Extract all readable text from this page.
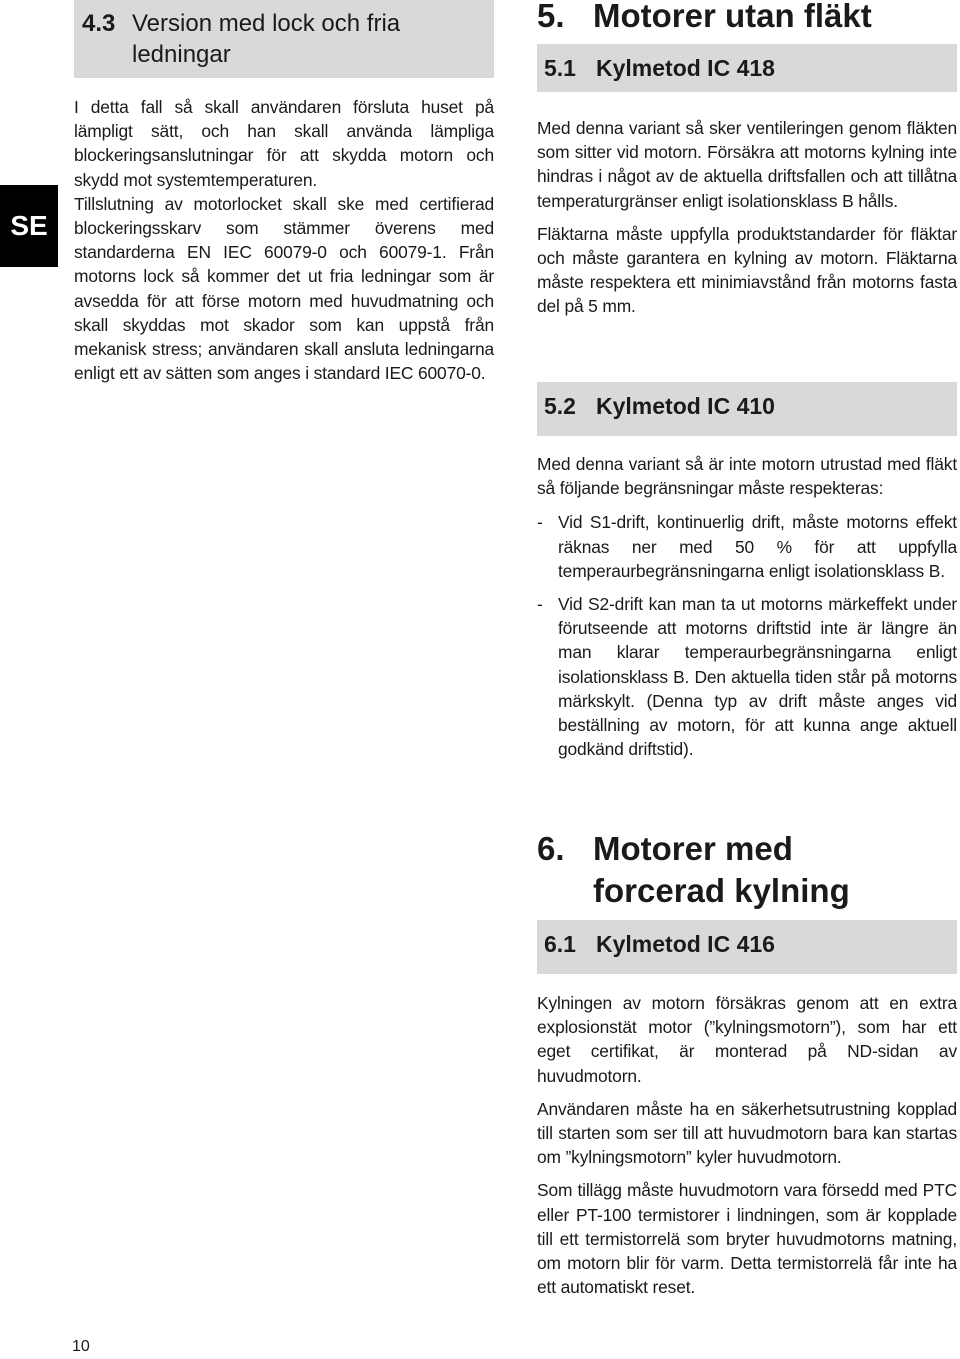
SE
4.3 Version med lock och fria ledningar

I detta fall så skall användaren försluta huset på lämpligt sätt, och han skall använda lämpliga blockeringsanslutningar för att skydda motorn och skydd mot systemtemperaturen.

Tillslutning av motorlocket skall ske med certifierad blockeringsskarv som stämmer överens med standarderna EN IEC 60079-0 och 60079-1. Från motorns lock så kommer det ut fria ledningar som är avsedda för att förse motorn med huvudmatning och skall skyddas mot skador som kan uppstå från mekanisk stress; användaren skall ansluta ledningarna enligt ett av sätten som anges i standard IEC 60070-0.

5. Motorer utan fläkt
5.1 Kylmetod IC 418

Med denna variant så sker ventileringen genom fläkten som sitter vid motorn. Försäkra att motorns kylning inte hindras i något av de aktuella driftsfallen och att tillåtna temperaturgränser enligt isolationsklass B hålls.

Fläktarna måste uppfylla produktstandarder för fläktar och måste garantera en kylning av motorn. Fläktarna måste respektera ett minimiavstånd från motorns fasta del på 5 mm.

5.2 Kylmetod IC 410

Med denna variant så är inte motorn utrustad med fläkt så följande begränsningar måste respekteras:

- Vid S1-drift, kontinuerlig drift, måste motorns effekt räknas ner med 50 % för att uppfylla temperaurbegränsningarna enligt isolationsklass B.
- Vid S2-drift kan man ta ut motorns märkeffekt under förutseende att motorns driftstid inte är längre än man klarar temperaurbegränsningarna enligt isolationsklass B. Den aktuella tiden står på motorns märkskylt. (Denna typ av drift måste anges vid beställning av motorn, för att kunna ange aktuell godkänd driftstid).
6. Motorer med forcerad kylning
6.1 Kylmetod IC 416

Kylningen av motorn försäkras genom att en extra explosionstät motor (”kylningsmotorn”), som har ett eget certifikat, är monterad på ND-sidan av huvudmotorn.

Användaren måste ha en säkerhetsutrustning kopplad till starten som ser till att huvudmotorn bara kan startas om ”kylningsmotorn” kyler huvudmotorn.

Som tillägg måste huvudmotorn vara försedd med PTC eller PT-100 termistorer i lindningen, som är kopplade till ett termistorrelä som bryter huvudmotorns matning, om motorn blir för varm. Detta termistorrelä får inte ha ett automatiskt reset.

10
